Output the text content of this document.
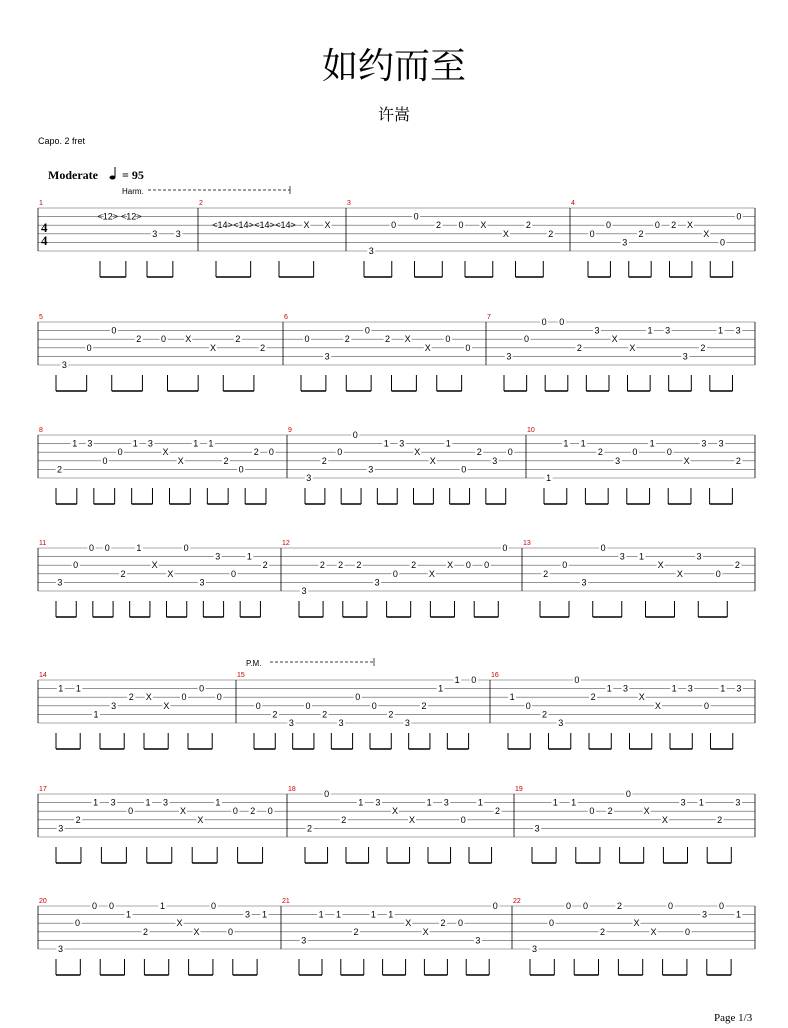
如约而至
许嵩
Capo. 2 fret
Moderate = 95
1
<12> <12>
3 3
2
<14> <14> <14> <14> X X
3
3
0
0
2 0 X
X
2
2
4
0
0
3
2
0 2 X
X
0
0
5
3
0
0
2 0 X
X
2
2
6
0
3
2
0
2 X
X
0
0
7
3
0
0 0
2
3
X
X
1 3
3
2
1 3
8
2
1 3
0
0
1 3
X
X
1 1
2
0
2 0
9
3
2
0
0
3
1 3
X
X
1
0
2
3
0
10
1
1 1
2
3
0
1
0
X
3 3
2
11
3
0
0 0
2
1
X
X
0
3
3
0
1
2
12
3
2 2 2
3
0
2
X
X 0 0
0 13
2
0
3
0
3 1
X
X
3
0
2
14
1 1
1
3
2 X
X
0
0
0
15
0
2
3
0
2
3
0
0
2
3
2
1
1 0 16
1
0
2
3
0
2
1 3
X
X
1 3
0
1 3
17
3
2
1 3
0
1 3
X
X
1
0 2 0
18
2
0
2
1 3
X
X
1 3
0
1
2
19
3
1 1
0 2
0
X
X
3 1
2
3
20
3
0
0 0
1
2
1
X
X
0
0
3 1
21
3
1 1
2
1 1
X
X
2 0
3
0 22
3
0
0 0
2
2
X
X
0
0
3
0
1
4
4
Harm.
P.M.
Page 1/3
